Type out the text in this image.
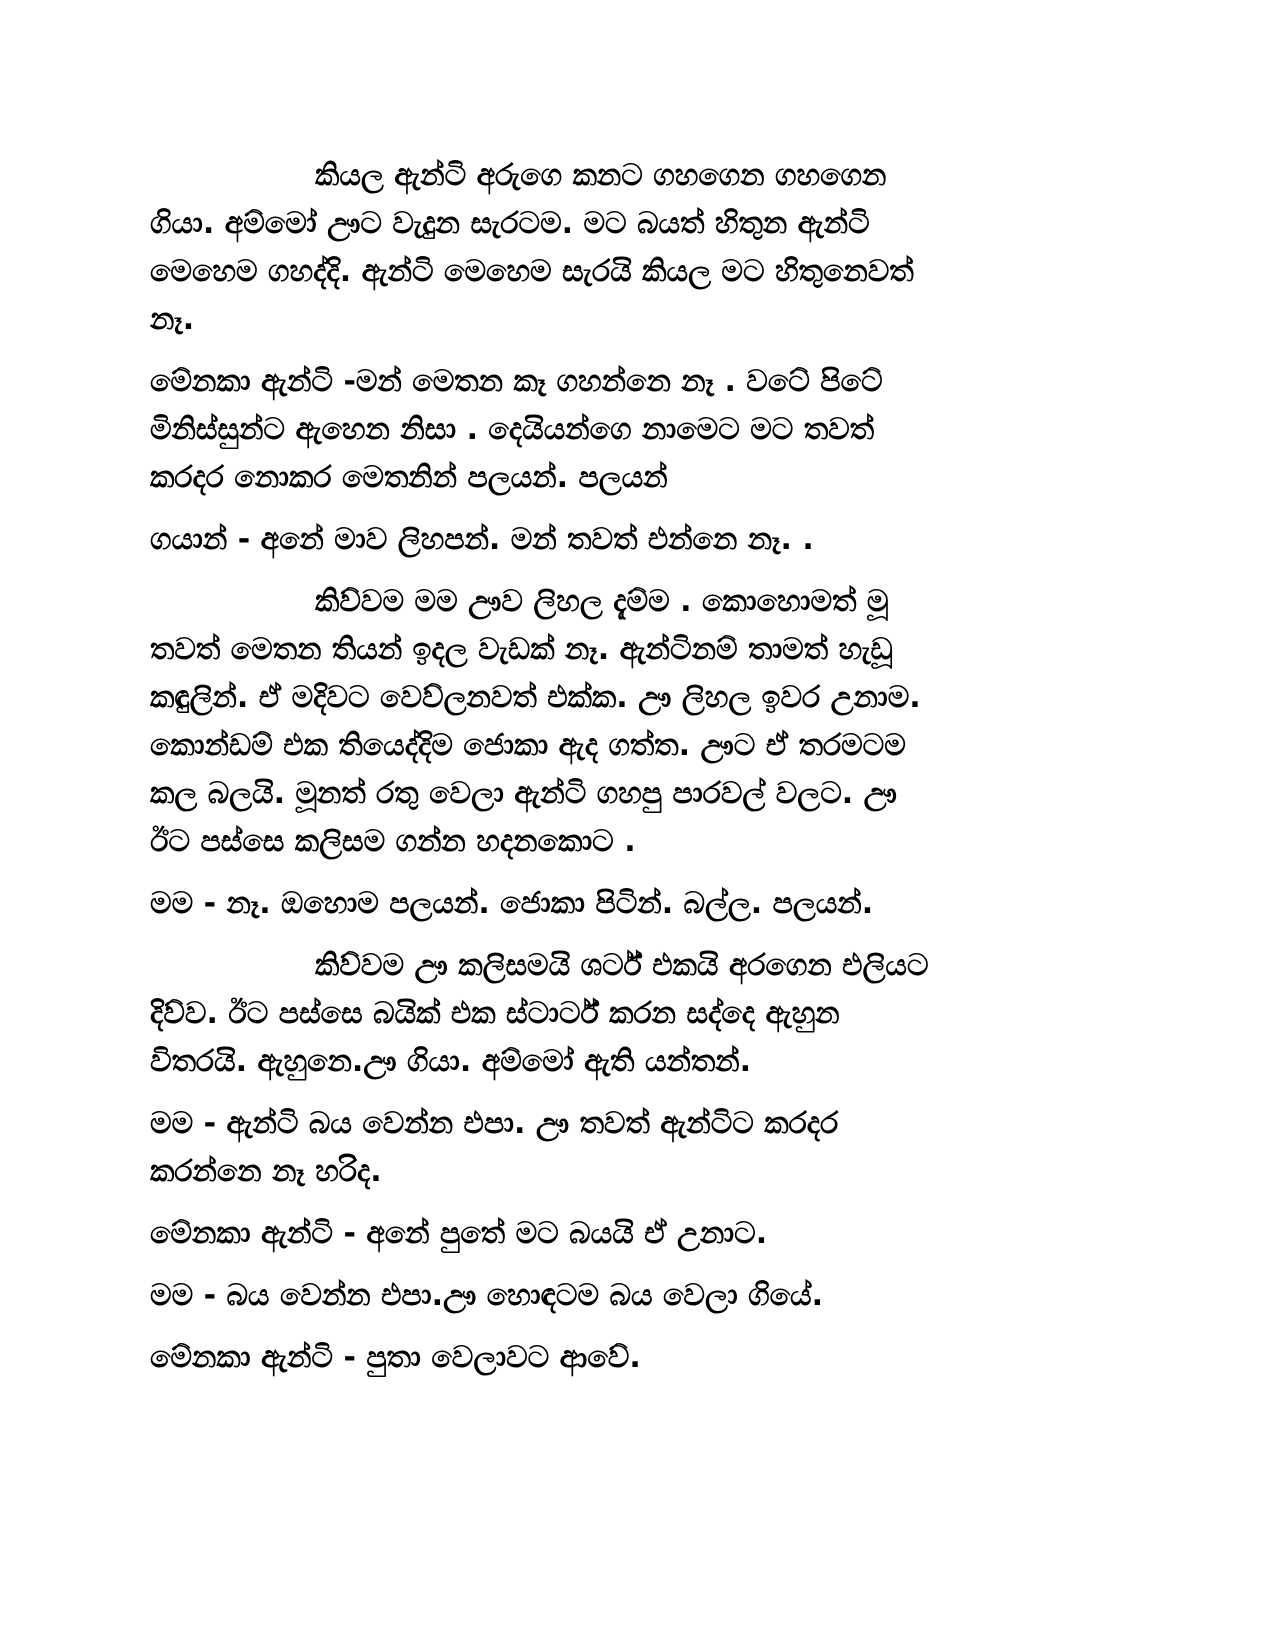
කියල ඇන්ටි අරුගෙ කනට ගහගෙන ගහගෙන
ගියා. අම්මෝ ඌට වැදුන සැරටම. මට බයත් හිතුන ඇන්ටි
මෙහෙම ගහද්දි. ඇන්ටි මෙහෙම සැරයි කියල මට හිතුනෙවත්
නෑ.

මේනකා ඇන්ටි -මන් මෙතන කෑ ගහන්නෙ නෑ . වටේ පිටේ
මිනිස්සුන්ට ඇහෙන නිසා . දෙයියන්ගෙ නාමෙට මට තවත්
කරදර නොකර මෙතනින් පලයන්. පලයන්

ගයාන් - අනේ මාව ලිහපන්. මන් තවත් එන්නෙ නෑ. .

කිව්වම මම ඌව ලිහල දැම්ම . කොහොමත් මූ
තවත් මෙතන තියන් ඉදල වැඩක් නෑ. ඇන්ටිනම් තාමත් හැඩූ
කඳුලින්. ඒ මදිවට වෙව්ලනවත් එක්ක. ඌ ලිහල ඉවර උනාම.
කොන්ඩම් එක තියෙද්දිම ජොකා ඇද ගත්ත. ඌට ඒ තරමටම
කල බලයි. මූනත් රතු වෙලා ඇන්ටි ගහපු පාරවල් වලට. ඌ
ඊට පස්සෙ කලිසම ගන්න හදනකොට .

මම - නෑ. ඔහොම පලයන්. ජොකා පිටින්. බල්ල. පලයන්.

කිව්වම ඌ කලිසමයි ශර්ට් එකයි අරගෙන එලියට
දිව්ව. ඊට පස්සෙ බයික් එක ස්ටාර්ට් කරන සද්දෙ ඇහුන
විතරයි. ඇහුනෙ.ඌ ගියා. අම්මෝ ඇති යන්තන්.

මම - ඇන්ටි බය වෙන්න එපා. ඌ තවත් ඇන්ටිට කරදර
කරන්නෙ නෑ හරිද.

මේනකා ඇන්ටි - අනේ පුතේ මට බයයි ඒ උනාට.

මම - බය වෙන්න එපා.ඌ හොඳටම බය වෙලා ගියේ.

මේනකා ඇන්ටි - පුතා වෙලාවට ආවේ.
